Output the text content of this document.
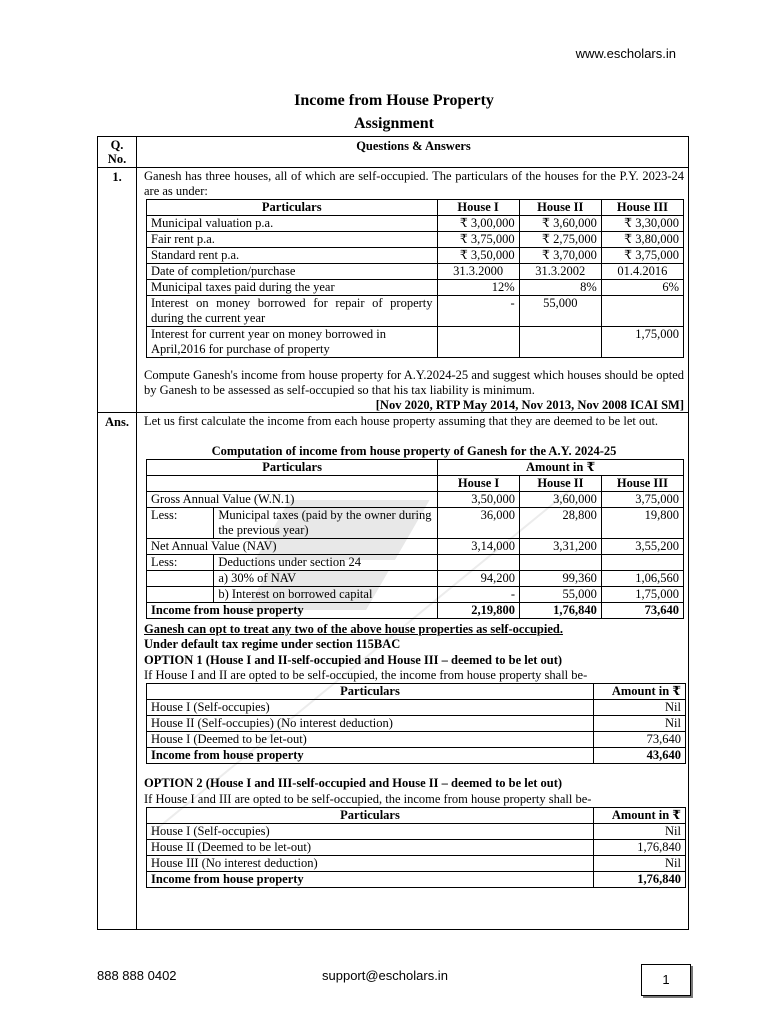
www.escholars.in
Income from House Property
Assignment
Q.
No.
Questions & Answers
1.	Ganesh has three houses, all of which are self-occupied. The particulars of the houses for the P.Y. 2023-24 are as under:
Particulars	House I	House II	House III
Municipal valuation p.a.	₹ 3,00,000	₹ 3,60,000	₹ 3,30,000
Fair rent p.a.	₹ 3,75,000	₹ 2,75,000	₹ 3,80,000
Standard rent p.a.	₹ 3,50,000	₹ 3,70,000	₹ 3,75,000
Date of completion/purchase	31.3.2000	31.3.2002	01.4.2016
Municipal taxes paid during the year	12%	8%	6%
Interest on money borrowed for repair of property during the current year	-	55,000	
Interest for current year on money borrowed in April,2016 for purchase of property			1,75,000
Compute Ganesh's income from house property for A.Y.2024-25 and suggest which houses should be opted by Ganesh to be assessed as self-occupied so that his tax liability is minimum.
[Nov 2020, RTP May 2014, Nov 2013, Nov 2008 ICAI SM]
Ans.	Let us first calculate the income from each house property assuming that they are deemed to be let out.
Computation of income from house property of Ganesh for the A.Y. 2024-25
Particulars		Amount in ₹		
		House I	House II	House III
Gross Annual Value (W.N.1)		3,50,000	3,60,000	3,75,000
Less:	Municipal taxes (paid by the owner during the previous year)	36,000	28,800	19,800
Net Annual Value (NAV)		3,14,000	3,31,200	3,55,200
Less:	Deductions under section 24			
	a) 30% of NAV	94,200	99,360	1,06,560
	b) Interest on borrowed capital	-	55,000	1,75,000
Income from house property		2,19,800	1,76,840	73,640
Ganesh can opt to treat any two of the above house properties as self-occupied.
Under default tax regime under section 115BAC
OPTION 1 (House I and II-self-occupied and House III – deemed to be let out)
If House I and II are opted to be self-occupied, the income from house property shall be-
Particulars	Amount in ₹
House I (Self-occupies)	Nil
House II (Self-occupies) (No interest deduction)	Nil
House I (Deemed to be let-out)	73,640
Income from house property	43,640
OPTION 2 (House I and III-self-occupied and House II – deemed to be let out)
If House I and III are opted to be self-occupied, the income from house property shall be-
Particulars	Amount in ₹
House I (Self-occupies)	Nil
House II (Deemed to be let-out)	1,76,840
House III (No interest deduction)	Nil
Income from house property	1,76,840
888 888 0402	support@escholars.in	1
